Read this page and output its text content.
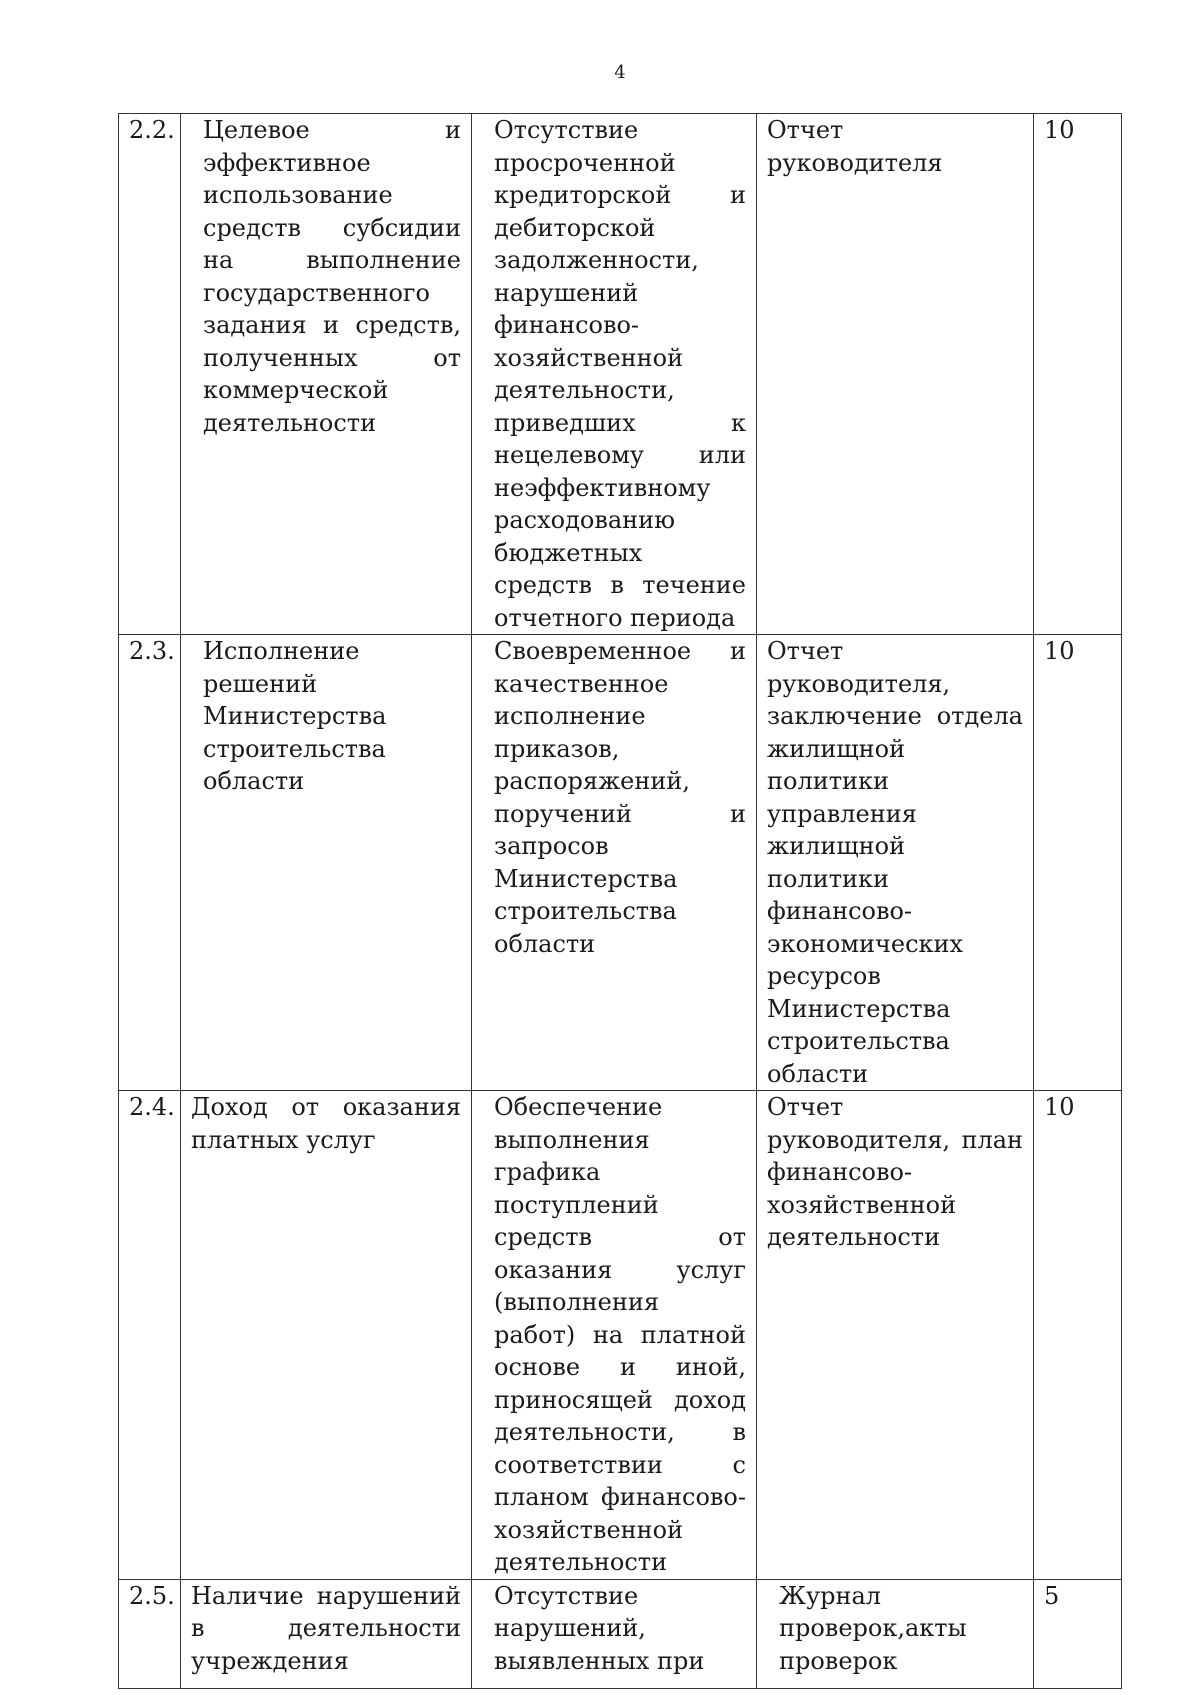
4
2.2.	Целевое и эффективное использование средств субсидии на выполнение государственного задания и средств, полученных от коммерческой деятельности	Отсутствие просроченной кредиторской и дебиторской задолженности, нарушений финансово-хозяйственной деятельности, приведших к нецелевому или неэффективному расходованию бюджетных средств в течение отчетного периода	Отчет руководителя	10
2.3.	Исполнение решений Министерства строительства области	Своевременное и качественное исполнение приказов, распоряжений, поручений и запросов Министерства строительства области	Отчет руководителя, заключение отдела жилищной политики управления жилищной политики финансово-экономических ресурсов Министерства строительства области	10
2.4.	Доход от оказания платных услуг	Обеспечение выполнения графика поступлений средств от оказания услуг (выполнения работ) на платной основе и иной, приносящей доход деятельности, в соответствии с планом финансово-хозяйственной деятельности	Отчет руководителя, план финансово-хозяйственной деятельности	10
2.5.	Наличие нарушений в деятельности учреждения	Отсутствие нарушений, выявленных при	Журнал проверок,акты проверок	5
